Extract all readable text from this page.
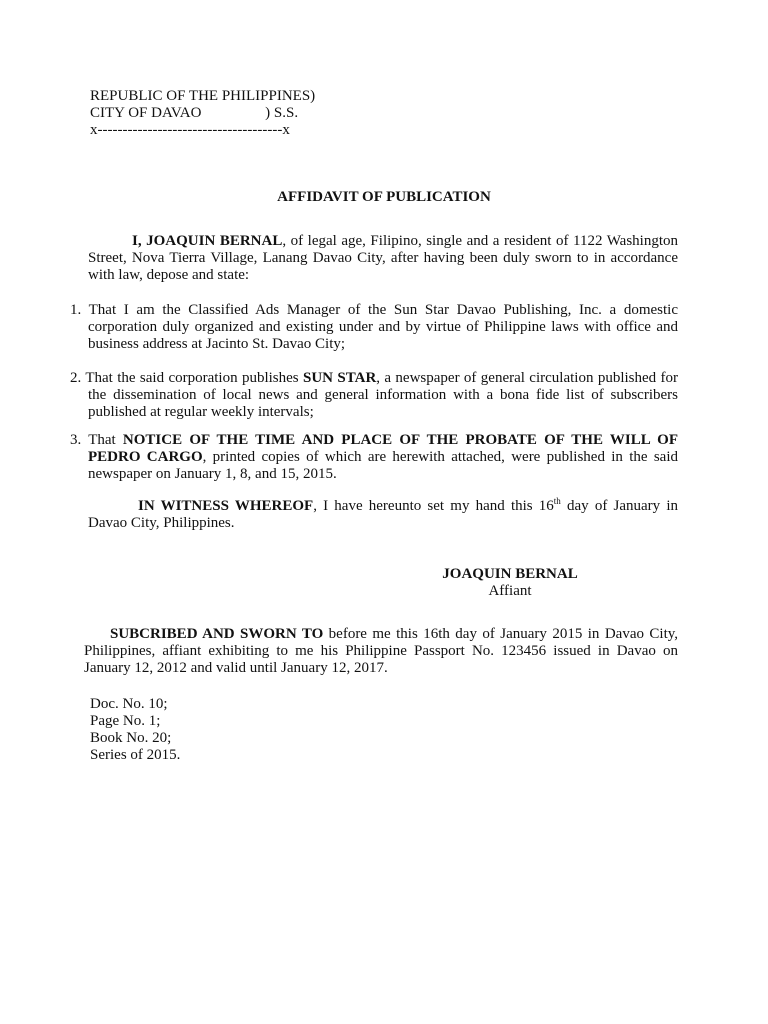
REPUBLIC OF THE PHILIPPINES)
CITY OF DAVAO                 ) S.S.
x-------------------------------------x
AFFIDAVIT OF PUBLICATION
I, JOAQUIN BERNAL, of legal age, Filipino, single and a resident of 1122 Washington Street, Nova Tierra Village, Lanang Davao City, after having been duly sworn to in accordance with law, depose and state:
1. That I am the Classified Ads Manager of the Sun Star Davao Publishing, Inc. a domestic corporation duly organized and existing under and by virtue of Philippine laws with office and business address at Jacinto St. Davao City;
2. That the said corporation publishes SUN STAR, a newspaper of general circulation published for the dissemination of local news and general information with a bona fide list of subscribers published at regular weekly intervals;
3. That NOTICE OF THE TIME AND PLACE OF THE PROBATE OF THE WILL OF PEDRO CARGO, printed copies of which are herewith attached, were published in the said newspaper on January 1, 8, and 15, 2015.
IN WITNESS WHEREOF, I have hereunto set my hand this 16th day of January in Davao City, Philippines.
JOAQUIN BERNAL
Affiant
SUBCRIBED AND SWORN TO before me this 16th day of January 2015 in Davao City, Philippines, affiant exhibiting to me his Philippine Passport No. 123456 issued in Davao on January 12, 2012 and valid until January 12, 2017.
Doc. No. 10;
Page No. 1;
Book No. 20;
Series of 2015.
